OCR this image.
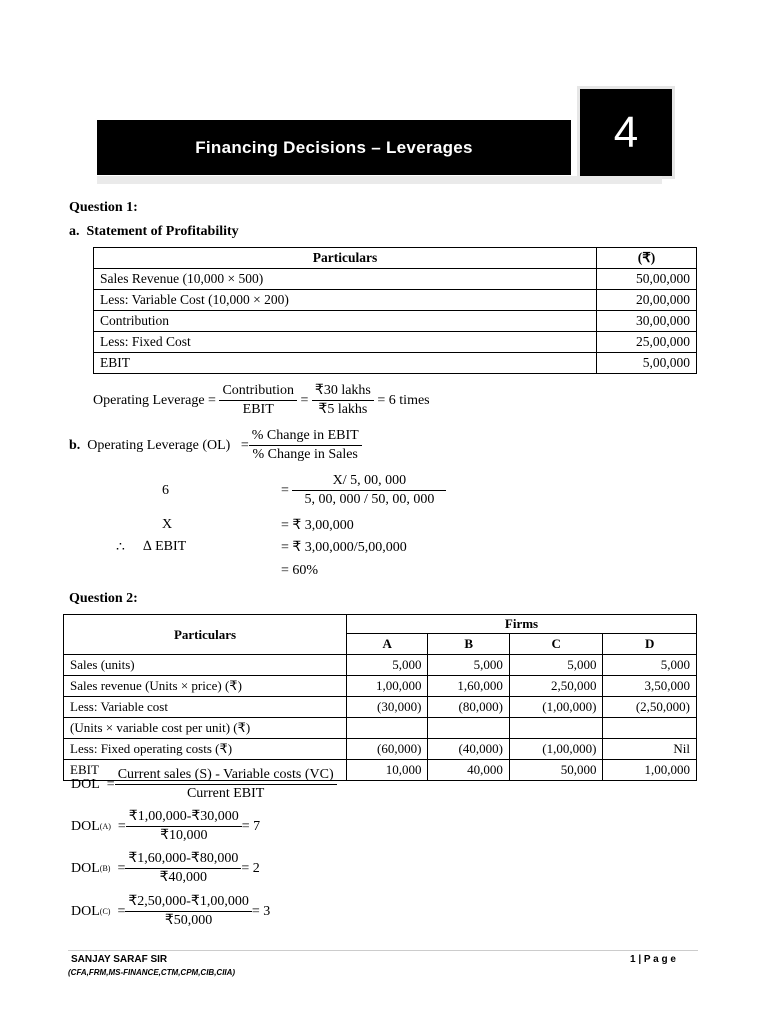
4
Financing Decisions – Leverages
Question 1:
a.  Statement of Profitability
Particulars	(₹)
Sales Revenue (10,000 × 500)	50,00,000
Less: Variable Cost (10,000 × 200)	20,00,000
Contribution	30,00,000
Less: Fixed Cost	25,00,000
EBIT	5,00,000
Operating Leverage =
$\frac{\text{Contribution}}{\text{EBIT}}$
=
$\frac{\text{₹30 lakhs}}{\text{₹5 lakhs}}$
= 6 times
b.
Operating Leverage (OL)
= $\frac{\text{\% Change in EBIT}}{\text{\% Change in Sales}}$
6	=
$\frac{X/ 5, 00, 000}{5, 00, 000 / 50, 00, 000}$
X	= ₹ 3,00,000
∴ ∆ EBIT	= ₹ 3,00,000/5,00,000
= 60%
Question 2:
Particulars	Firms			
	A	B	C	D
Sales (units)	5,000	5,000	5,000	5,000
Sales revenue (Units × price) (₹)	1,00,000	1,60,000	2,50,000	3,50,000
Less: Variable cost	(30,000)	(80,000)	(1,00,000)	(2,50,000)
(Units × variable cost per unit) (₹)				
Less: Fixed operating costs (₹)	(60,000)	(40,000)	(1,00,000)	Nil
EBIT	10,000	40,000	50,000	1,00,000
DOL
= $\frac{\text{Current sales (S) - Variable costs (VC)}}{\text{Current EBIT}}$
DOL (A)
= $\frac{₹1,00,000-₹30,000}{₹10,000} = 7$
DOL (B)
= $\frac{₹1,60,000-₹80,000}{₹40,000} = 2$
DOL (C)
= $\frac{₹2,50,000-₹1,00,000}{₹50,000} = 3$
SANJAY SARAF SIR
(CFA,FRM,MS-FINANCE,CTM,CPM,CIB,CIIA)
1 | P a g e
